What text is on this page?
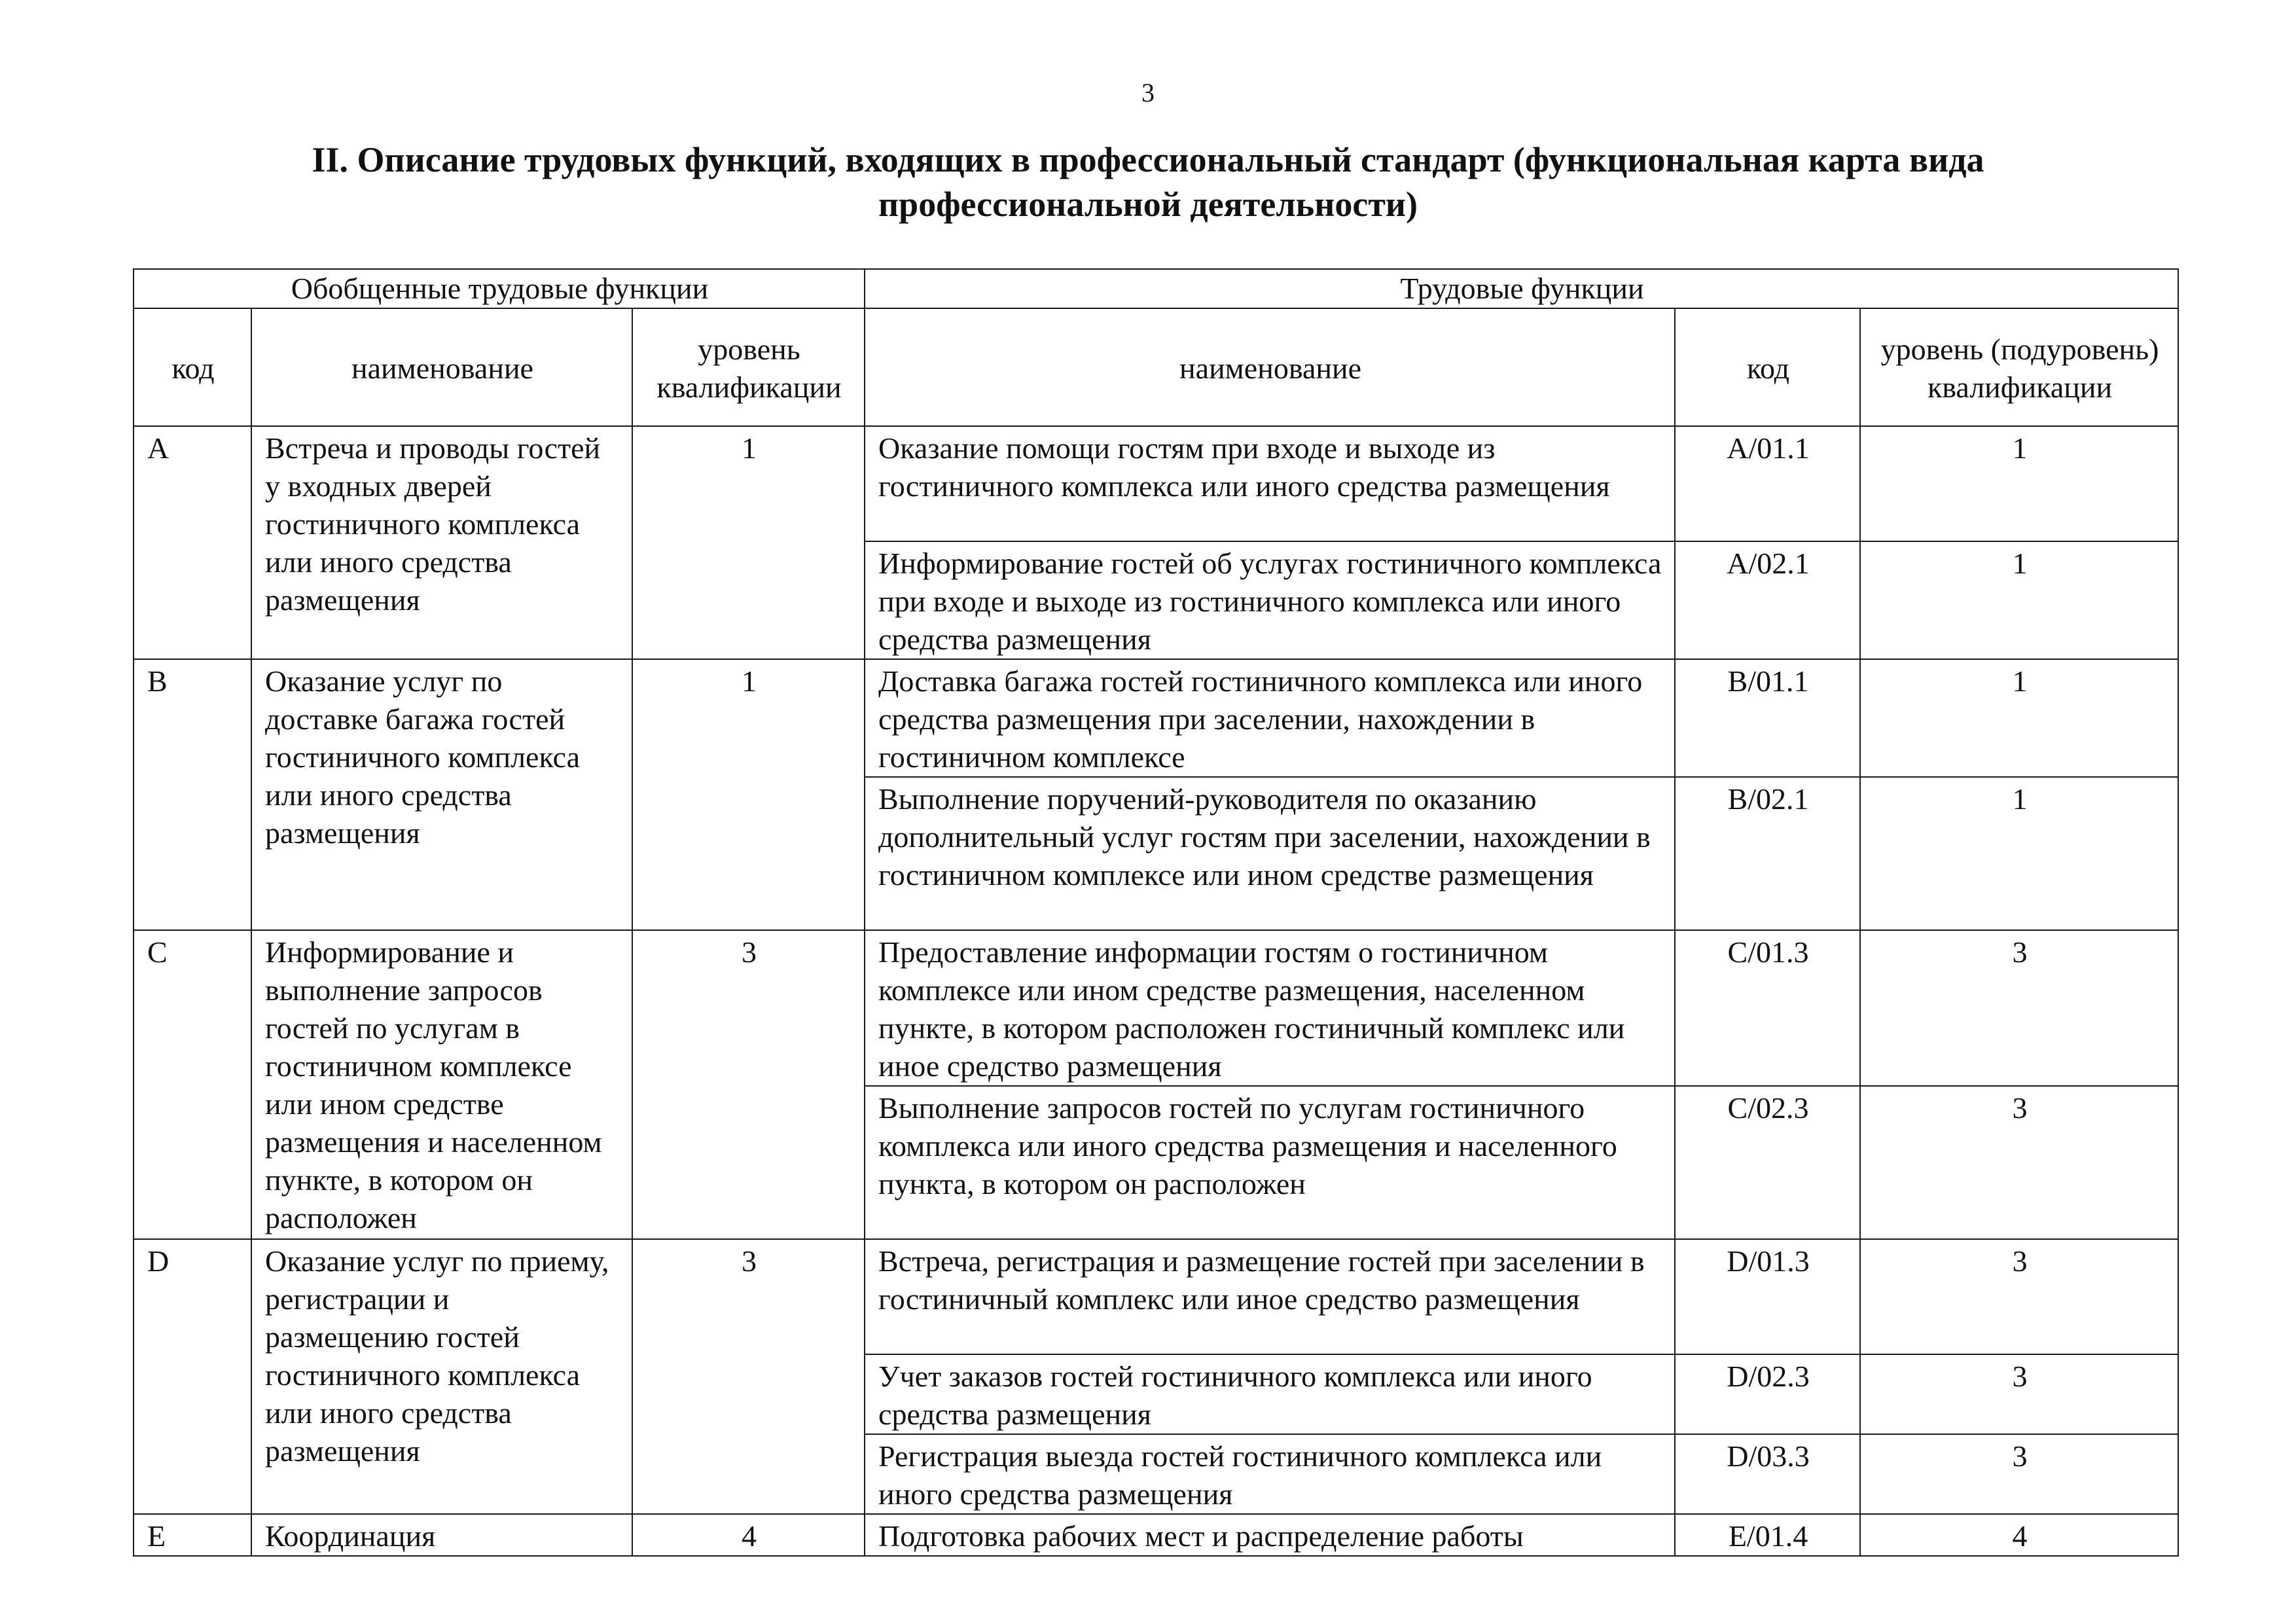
3
II. Описание трудовых функций, входящих в профессиональный стандарт (функциональная карта вида профессиональной деятельности)
Обобщенные трудовые функции			Трудовые функции		
код	наименование	уровень квалификации	наименование	код	уровень (подуровень) квалификации
A	Встреча и проводы гостей у входных дверей гостиничного комплекса или иного средства размещения	1	Оказание помощи гостям при входе и выходе из гостиничного комплекса или иного средства размещения	A/01.1	1
			Информирование гостей об услугах гостиничного комплекса при входе и выходе из гостиничного комплекса или иного средства размещения	A/02.1	1
B	Оказание услуг по доставке багажа гостей гостиничного комплекса или иного средства размещения	1	Доставка багажа гостей гостиничного комплекса или иного средства размещения при заселении, нахождении в гостиничном комплексе	B/01.1	1
			Выполнение поручений-руководителя по оказанию дополнительный услуг гостям при заселении, нахождении в гостиничном комплексе или ином средстве размещения	B/02.1	1
C	Информирование и выполнение запросов гостей по услугам в гостиничном комплексе или ином средстве размещения и населенном пункте, в котором он расположен	3	Предоставление информации гостям о гостиничном комплексе или ином средстве размещения, населенном пункте, в котором расположен гостиничный комплекс или иное средство размещения	C/01.3	3
			Выполнение запросов гостей по услугам гостиничного комплекса или иного средства размещения и населенного пункта, в котором он расположен	C/02.3	3
D	Оказание услуг по приему, регистрации и размещению гостей гостиничного комплекса или иного средства размещения	3	Встреча, регистрация и размещение гостей при заселении в гостиничный комплекс или иное средство размещения	D/01.3	3
			Учет заказов гостей гостиничного комплекса или иного средства размещения	D/02.3	3
			Регистрация выезда гостей гостиничного комплекса или иного средства размещения	D/03.3	3
E	Координация	4	Подготовка рабочих мест и распределение работы	E/01.4	4
